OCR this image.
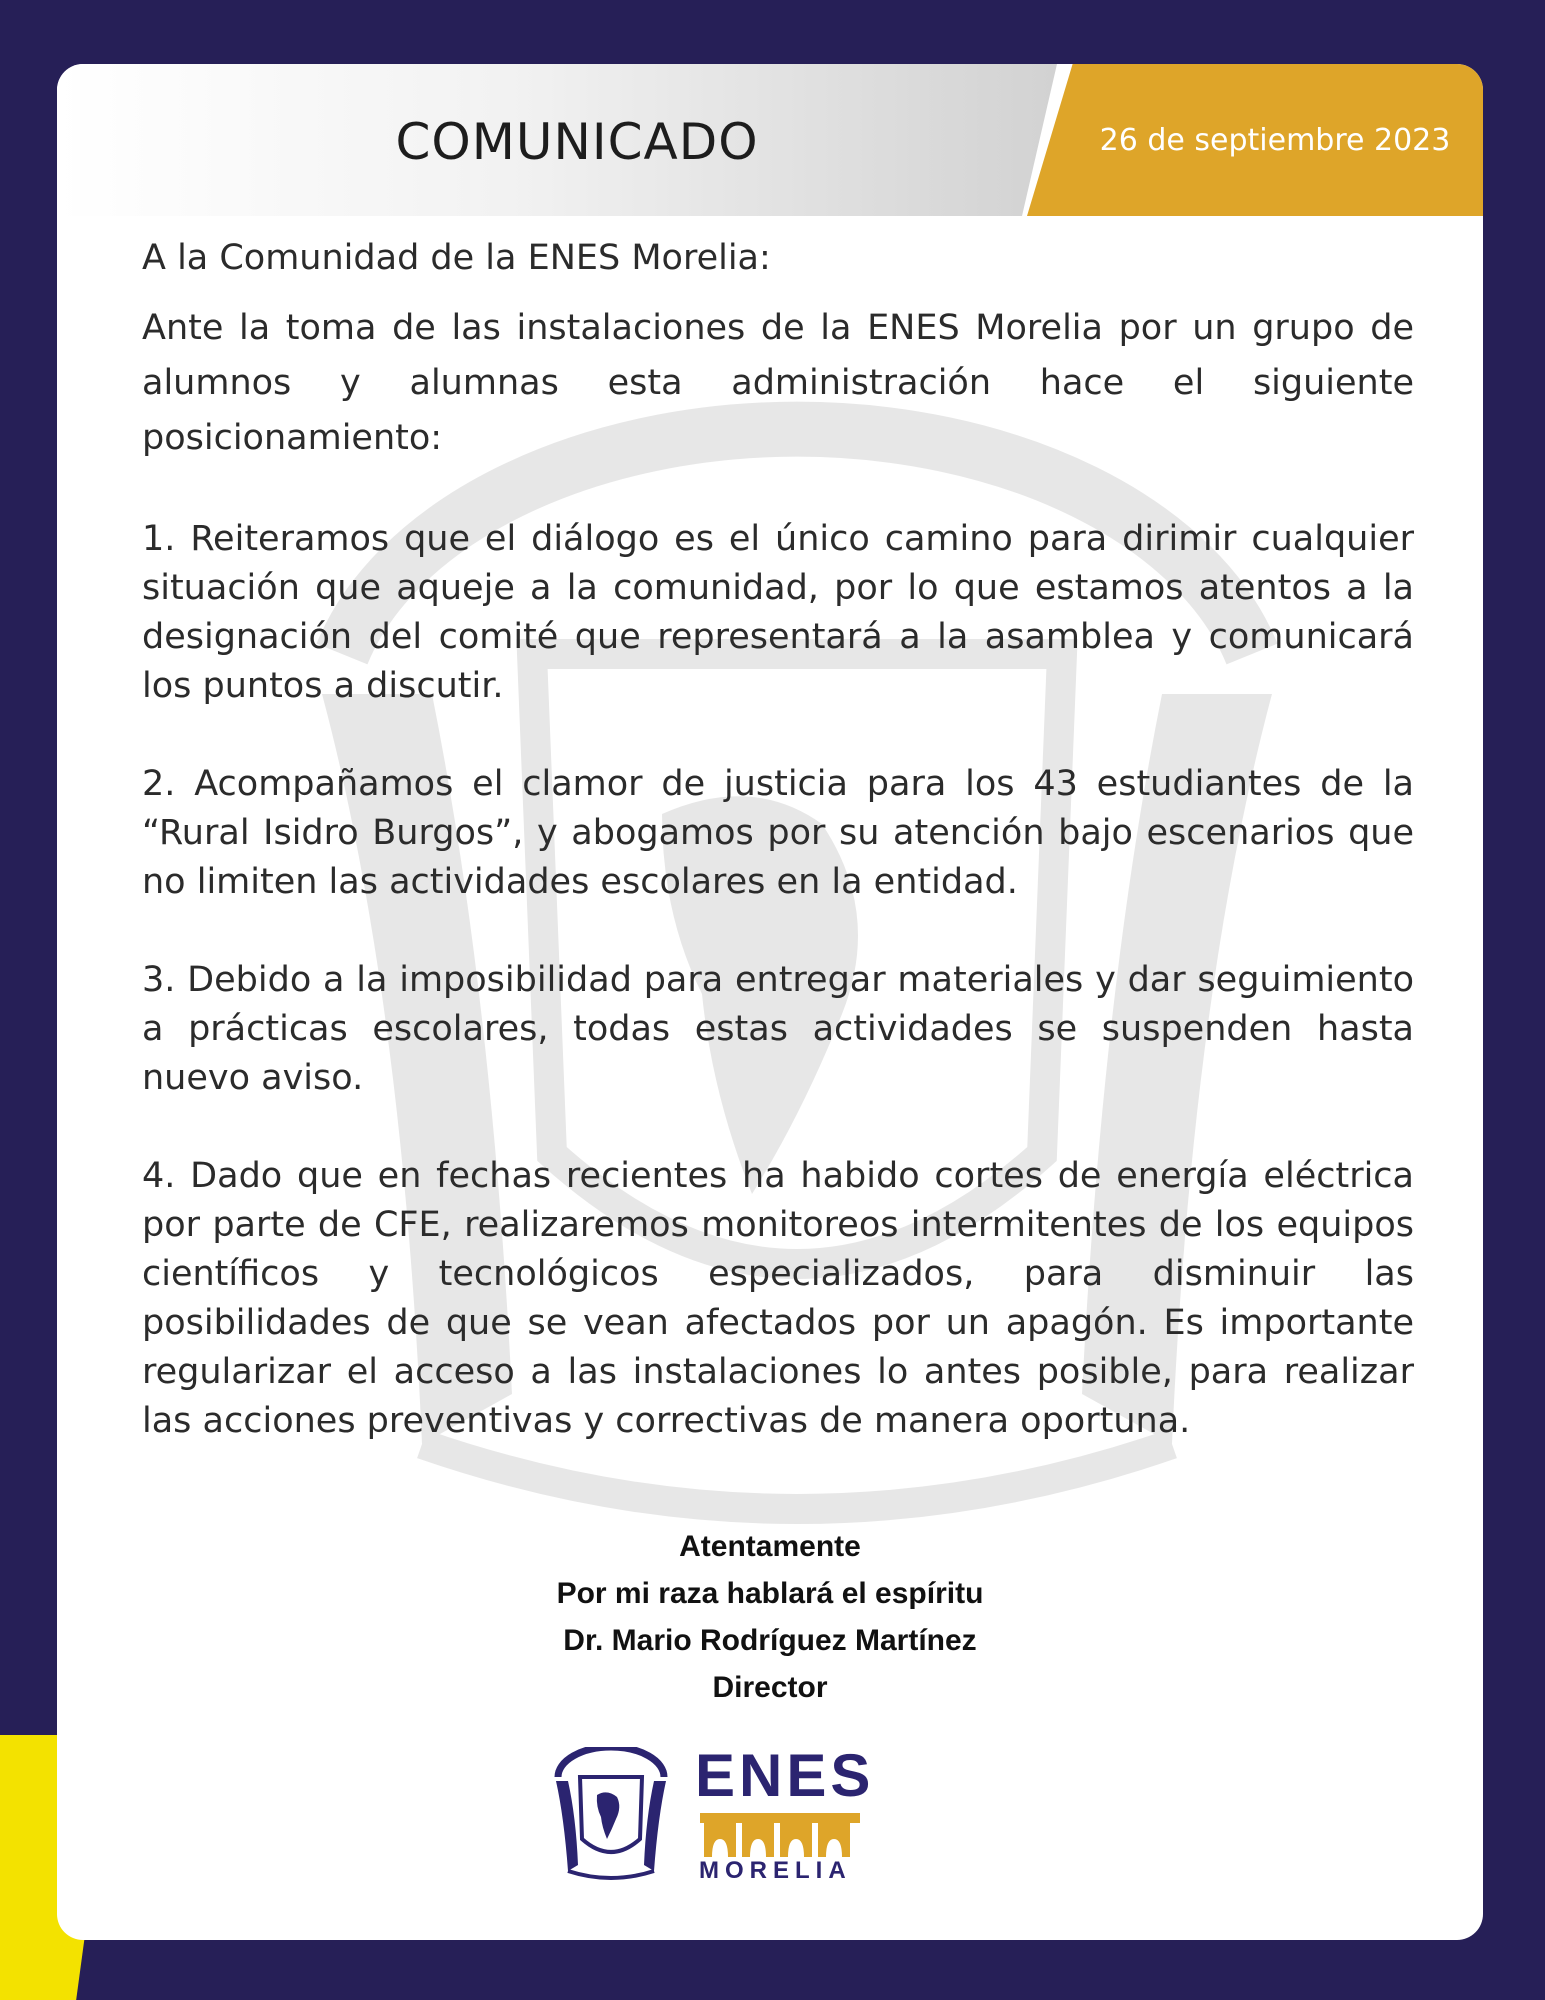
COMUNICADO	26 de septiembre 2023

A la Comunidad de la ENES Morelia:

Ante la toma de las instalaciones de la ENES Morelia por un grupo de alumnos y alumnas esta administración hace el siguiente posicionamiento:

1. Reiteramos que el diálogo es el único camino para dirimir cualquier situación que aqueje a la comunidad, por lo que estamos atentos a la designación del comité que representará a la asamblea y comunicará los puntos a discutir.

2. Acompañamos el clamor de justicia para los 43 estudiantes de la “Rural Isidro Burgos”, y abogamos por su atención bajo escenarios que no limiten las actividades escolares en la entidad.

3. Debido a la imposibilidad para entregar materiales y dar seguimiento a prácticas escolares, todas estas actividades se suspenden hasta nuevo aviso.

4. Dado que en fechas recientes ha habido cortes de energía eléctrica por parte de CFE, realizaremos monitoreos intermitentes de los equipos científicos y tecnológicos especializados, para disminuir las posibilidades de que se vean afectados por un apagón. Es importante regularizar el acceso a las instalaciones lo antes posible, para realizar las acciones preventivas y correctivas de manera oportuna.

Atentamente
Por mi raza hablará el espíritu
Dr. Mario Rodríguez Martínez
Director
ENES
MORELIA
